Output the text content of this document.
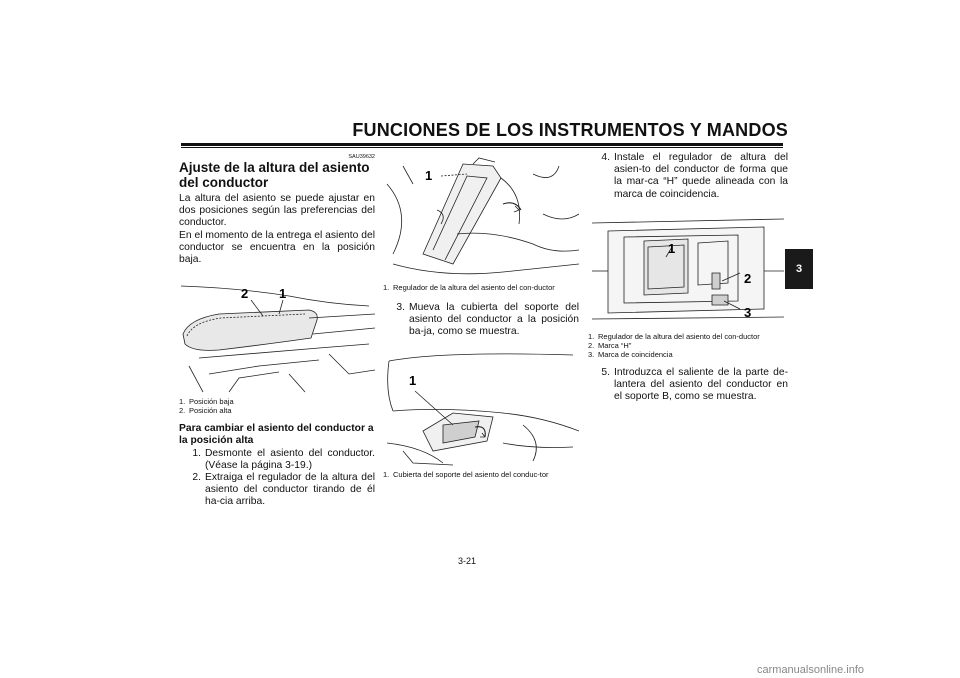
FUNCIONES DE LOS INSTRUMENTOS Y MANDOS
3
SAU39632
Ajuste de la altura del asiento del conductor

La altura del asiento se puede ajustar en dos posiciones según las preferencias del conductor.

En el momento de la entrega el asiento del conductor se encuentra en la posición baja.

2 1
1. Posición baja
2. Posición alta
Para cambiar el asiento del conductor a la posición alta
1. Desmonte el asiento del conductor. (Véase la página 3-19.)
2. Extraiga el regulador de la altura del asiento del conductor tirando de él ha-cia arriba.
1
1. Regulador de la altura del asiento del con-ductor
3. Mueva la cubierta del soporte del asiento del conductor a la posición ba-ja, como se muestra.
1
1. Cubierta del soporte del asiento del conduc-tor
4. Instale el regulador de altura del asien-to del conductor de forma que la mar-ca “H” quede alineada con la marca de coincidencia.
1
2
3
1. Regulador de la altura del asiento del con-ductor
2. Marca “H”
3. Marca de coincidencia
5. Introduzca el saliente de la parte de-lantera del asiento del conductor en el soporte B, como se muestra.
3-21
carmanualsonline.info
